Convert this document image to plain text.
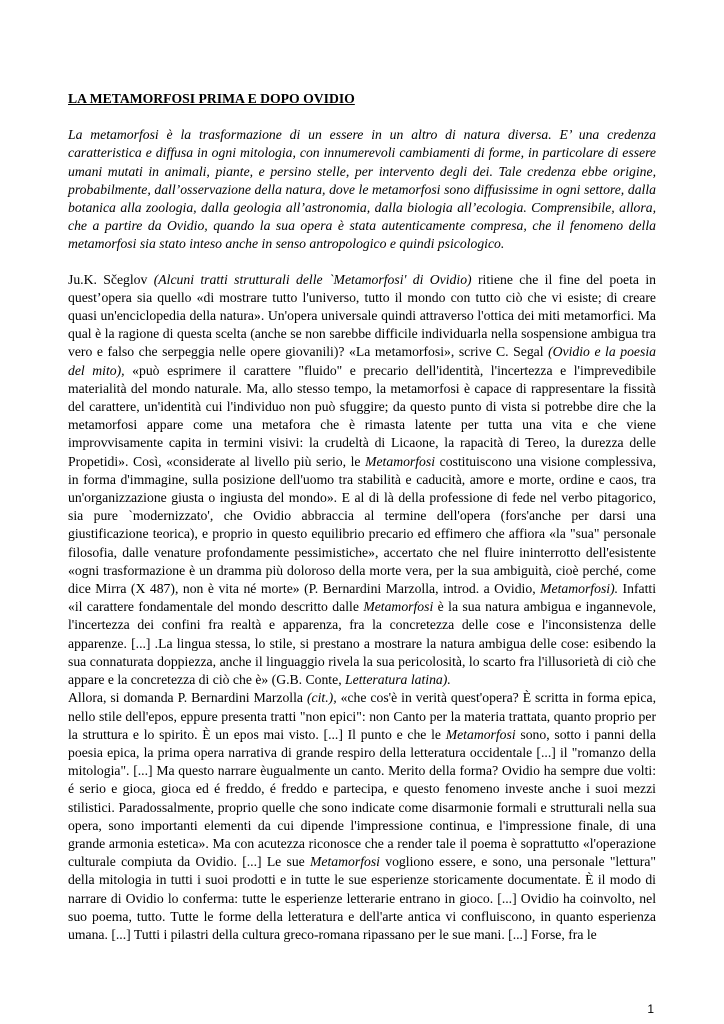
LA METAMORFOSI PRIMA E DOPO OVIDIO
La metamorfosi è la trasformazione di un essere in un altro di natura diversa. E’ una credenza caratteristica e diffusa in ogni mitologia, con innumerevoli cambiamenti di forme, in particolare di essere umani mutati in animali, piante, e persino stelle, per intervento degli dei. Tale credenza ebbe origine, probabilmente, dall’osservazione della natura, dove le metamorfosi sono diffusissime in ogni settore, dalla botanica alla zoologia, dalla geologia all’astronomia, dalla biologia all’ecologia. Comprensibile, allora, che a partire da Ovidio, quando la sua opera è stata autenticamente compresa, che il fenomeno della metamorfosi sia stato inteso anche in senso antropologico e quindi psicologico.

Ju.K. Sčeglov (Alcuni tratti strutturali delle `Metamorfosi' di Ovidio) ritiene che il fine del poeta in quest’opera sia quello «di mostrare tutto l'universo, tutto il mondo con tutto ciò che vi esiste; di creare quasi un'enciclopedia della natura». Un'opera universale quindi attraverso l'ottica dei miti metamorfici. Ma qual è la ragione di questa scelta (anche se non sarebbe difficile individuarla nella sospensione ambigua tra vero e falso che serpeggia nelle opere giovanili)? «La metamorfosi», scrive C. Segal (Ovidio e la poesia del mito), «può esprimere il carattere "fluido" e precario dell'identità, l'incertezza e l'imprevedibile materialità del mondo naturale. Ma, allo stesso tempo, la metamorfosi è capace di rappresentare la fissità del carattere, un'identità cui l'individuo non può sfuggire; da questo punto di vista si potrebbe dire che la metamorfosi appare come una metafora che è rimasta latente per tutta una vita e che viene improvvisamente capita in termini visivi: la crudeltà di Licaone, la rapacità di Tereo, la durezza delle Propetidi». Così, «considerate al livello più serio, le Metamorfosi costituiscono una visione complessiva, in forma d'immagine, sulla posizione dell'uomo tra stabilità e caducità, amore e morte, ordine e caos, tra un'organizzazione giusta o ingiusta del mondo». E al di là della professione di fede nel verbo pitagorico, sia pure `modernizzato', che Ovidio abbraccia al termine dell'opera (fors'anche per darsi una giustificazione teorica), e proprio in questo equilibrio precario ed effimero che affiora «la "sua" personale filosofia, dalle venature profondamente pessimistiche», accertato che nel fluire ininterrotto dell'esistente «ogni trasformazione è un dramma più doloroso della morte vera, per la sua ambiguità, cioè perché, come dice Mirra (X 487), non è vita né morte» (P. Bernardini Marzolla, introd. a Ovidio, Metamorfosi). Infatti «il carattere fondamentale del mondo descritto dalle Metamorfosi è la sua natura ambigua e ingannevole, l'incertezza dei confini fra realtà e apparenza, fra la concretezza delle cose e l'inconsistenza delle apparenze. [...] .La lingua stessa, lo stile, si prestano a mostrare la natura ambigua delle cose: esibendo la sua connaturata doppiezza, anche il linguaggio rivela la sua pericolosità, lo scarto fra l'illusorietà di ciò che appare e la concretezza di ciò che è» (G.B. Conte, Letteratura latina).

Allora, si domanda P. Bernardini Marzolla (cit.), «che cos'è in verità quest'opera? È scritta in forma epica, nello stile dell'epos, eppure presenta tratti "non epici": non Canto per la materia trattata, quanto proprio per la struttura e lo spirito. È un epos mai visto. [...] Il punto e che le Metamorfosi sono, sotto i panni della poesia epica, la prima opera narrativa di grande respiro della letteratura occidentale [...] il "romanzo della mitologia". [...] Ma questo narrare èugualmente un canto. Merito della forma? Ovidio ha sempre due volti: é serio e gioca, gioca ed é freddo, é freddo e partecipa, e questo fenomeno investe anche i suoi mezzi stilistici. Paradossalmente, proprio quelle che sono indicate come disarmonie formali e strutturali nella sua opera, sono importanti elementi da cui dipende l'impressione continua, e l'impressione finale, di una grande armonia estetica». Ma con acutezza riconosce che a render tale il poema è soprattutto «l'operazione culturale compiuta da Ovidio. [...] Le sue Metamorfosi vogliono essere, e sono, una personale "lettura" della mitologia in tutti i suoi prodotti e in tutte le sue esperienze storicamente documentate. È il modo di narrare di Ovidio lo conferma: tutte le esperienze letterarie entrano in gioco. [...] Ovidio ha coinvolto, nel suo poema, tutto. Tutte le forme della letteratura e dell'arte antica vi confluiscono, in quanto esperienza umana. [...] Tutti i pilastri della cultura greco-romana ripassano per le sue mani. [...] Forse, fra le

1
